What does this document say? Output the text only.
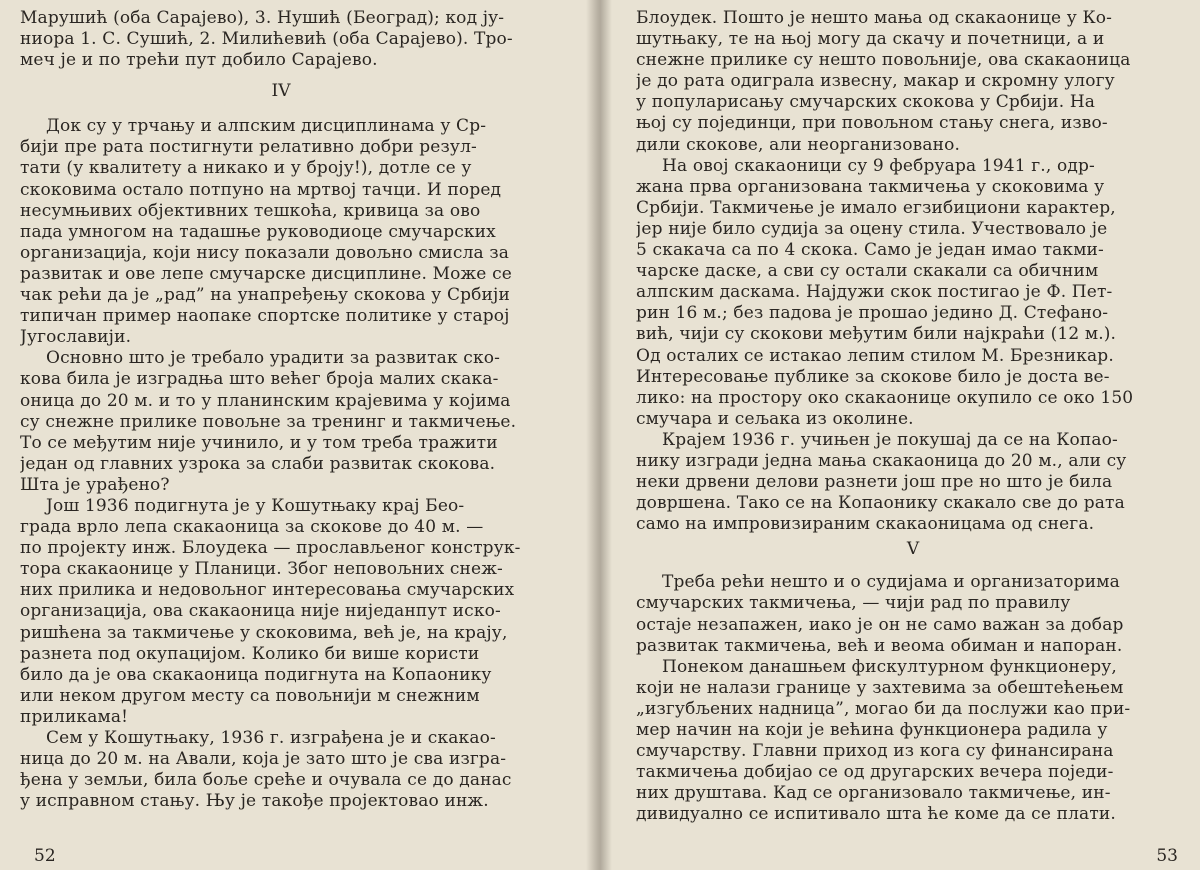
Марушић (оба Сарајево), 3. Нушић (Београд); код ју-
ниора 1. С. Сушић, 2. Милићевић (оба Сарајево). Тро-
меч је и по трећи пут добило Сарајево.
IV
Док су у трчању и алпским дисциплинама у Ср-
бији пре рата постигнути релативно добри резул-
тати (у квалитету а никако и у броју!), дотле се у
скоковима остало потпуно на мртвој тачци. И поред
несумњивих објективних тешкоћа, кривица за ово
пада умногом на тадашње руководиоце смучарских
организација, који нису показали довољно смисла за
развитак и ове лепе смучарске дисциплине. Може се
чак рећи да је „рад” на унапређењу скокова у Србији
типичан пример наопаке спортске политике у старој
Југославији.
Основно што је требало урадити за развитак ско-
кова била је изградња што већег броја малих скака-
оница до 20 м. и то у планинским крајевима у којима
су снежне прилике повољне за тренинг и такмичење.
То се међутим није учинило, и у том треба тражити
један од главних узрока за слаби развитак скокова.
Шта је урађено?
Још 1936 подигнута је у Кошутњаку крај Бео-
града врло лепа скакаоница за скокове до 40 м. —
по пројекту инж. Блоудека — прослављеног конструк-
тора скакаонице у Планици. Због неповољних снеж-
них прилика и недовољног интересовања смучарских
организација, ова скакаоница није ниједанпут иско-
ришћена за такмичење у скоковима, већ је, на крају,
разнета под окупацијом. Колико би више користи
било да је ова скакаоница подигнута на Копаонику
или неком другом месту са повољнији м снежним
приликама!
Сем у Кошутњаку, 1936 г. изграђена је и скакао-
ница до 20 м. на Авали, која је зато што је сва изгра-
ђена у земљи, била боље среће и очувала се до данас
у исправном стању. Њу је такође пројектовао инж.
52
Блоудек. Пошто је нешто мања од скакаонице у Ко-
шутњаку, те на њој могу да скачу и почетници, а и
снежне прилике су нешто повољније, ова скакаоница
је до рата одиграла извесну, макар и скромну улогу
у популарисању смучарских скокова у Србији. На
њој су појединци, при повољном стању снега, изво-
дили скокове, али неорганизовано.
На овој скакаоници су 9 фебруара 1941 г., одр-
жана прва организована такмичења у скоковима у
Србији. Такмичење је имало егзибициони карактер,
јер није било судија за оцену стила. Учествовало је
5 скакача са по 4 скока. Само је један имао такми-
чарске даске, а сви су остали скакали са обичним
алпским даскама. Најдужи скок постигао је Ф. Пет-
рин 16 м.; без падова је прошао једино Д. Стефано-
вић, чији су скокови међутим били најкраћи (12 м.).
Од осталих се истакао лепим стилом М. Брезникар.
Интересовање публике за скокове било је доста ве-
лико: на простору око скакаонице окупило се око 150
смучара и сељака из околине.
Крајем 1936 г. учињен је покушај да се на Копао-
нику изгради једна мања скакаоница до 20 м., али су
неки дрвени делови разнети још пре но што је била
довршена. Тако се на Копаонику скакало све до рата
само на импровизираним скакаоницама од снега.
V
Треба рећи нешто и о судијама и организаторима
смучарских такмичења, — чији рад по правилу
остаје незапажен, иако је он не само важан за добар
развитак такмичења, већ и веома обиман и напоран.
Понеком данашњем фискултурном функционеру,
који не налази границе у захтевима за обештећењем
„изгубљених надница”, могао би да послужи као при-
мер начин на који је већина функционера радила у
смучарству. Главни приход из кога су финансирана
такмичења добијао се од другарских вечера поједи-
них друштава. Кад се организовало такмичење, ин-
дивидуално се испитивало шта ће коме да се плати.
53
